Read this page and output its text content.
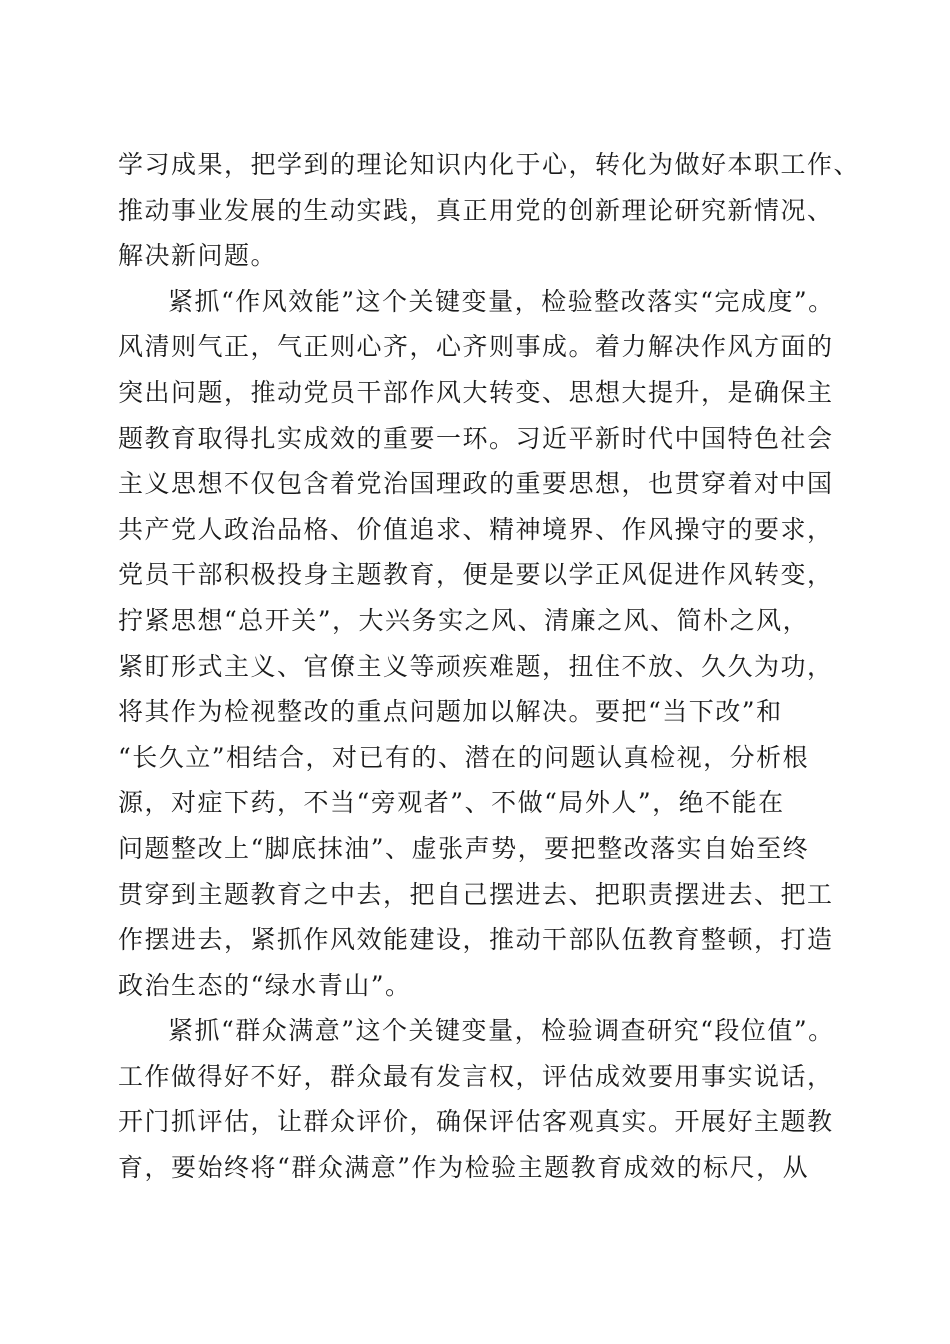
学习成果，把学到的理论知识内化于心，转化为做好本职工作、
推动事业发展的生动实践，真正用党的创新理论研究新情况、
解决新问题。
紧抓“作风效能”这个关键变量，检验整改落实“完成度”。
风清则气正，气正则心齐，心齐则事成。着力解决作风方面的
突出问题，推动党员干部作风大转变、思想大提升，是确保主
题教育取得扎实成效的重要一环。习近平新时代中国特色社会
主义思想不仅包含着党治国理政的重要思想，也贯穿着对中国
共产党人政治品格、价值追求、精神境界、作风操守的要求，
党员干部积极投身主题教育，便是要以学正风促进作风转变，
拧紧思想“总开关”，大兴务实之风、清廉之风、简朴之风，
紧盯形式主义、官僚主义等顽疾难题，扭住不放、久久为功，
将其作为检视整改的重点问题加以解决。要把“当下改”和
“长久立”相结合，对已有的、潜在的问题认真检视，分析根
源，对症下药，不当“旁观者”、不做“局外人”，绝不能在
问题整改上“脚底抹油”、虚张声势，要把整改落实自始至终
贯穿到主题教育之中去，把自己摆进去、把职责摆进去、把工
作摆进去，紧抓作风效能建设，推动干部队伍教育整顿，打造
政治生态的“绿水青山”。
紧抓“群众满意”这个关键变量，检验调查研究“段位值”。
工作做得好不好，群众最有发言权，评估成效要用事实说话，
开门抓评估，让群众评价，确保评估客观真实。开展好主题教
育，要始终将“群众满意”作为检验主题教育成效的标尺，从
